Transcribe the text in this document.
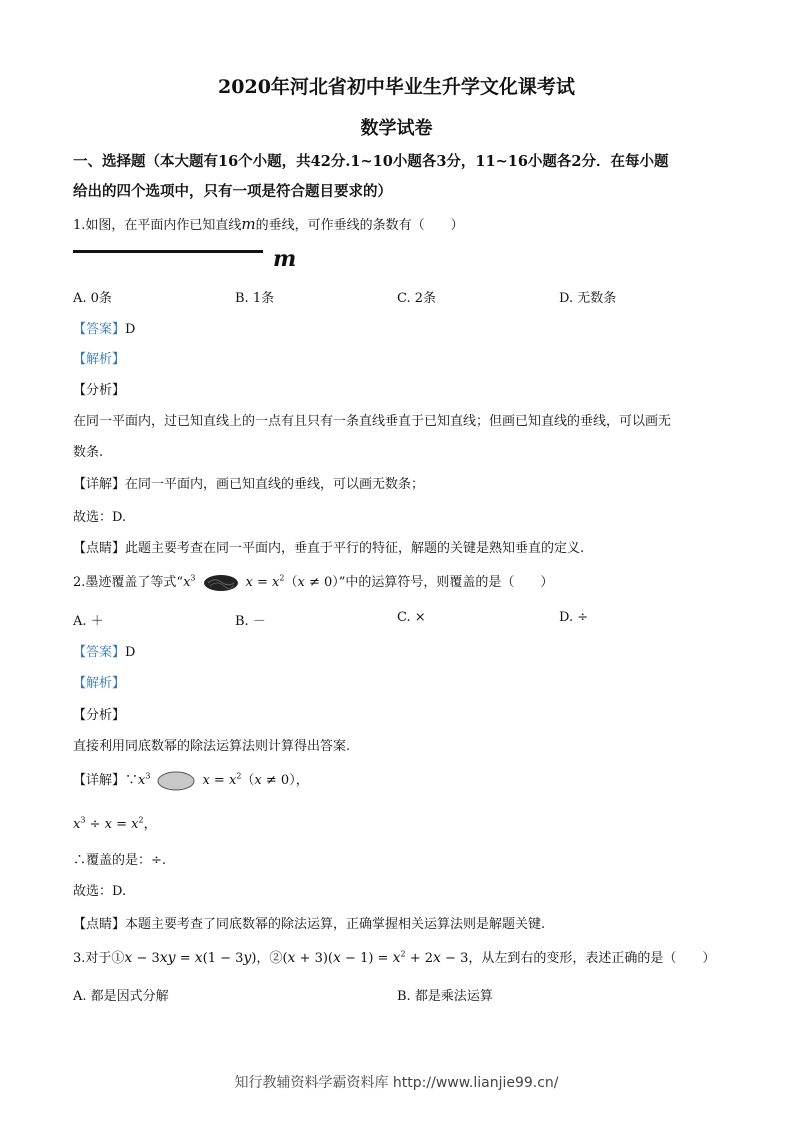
2020年河北省初中毕业生升学文化课考试
数学试卷
一、选择题（本大题有16个小题，共42分.1~10小题各3分，11~16小题各2分．在每小题
给出的四个选项中，只有一项是符合题目要求的）
1.如图，在平面内作已知直线m的垂线，可作垂线的条数有（　　）
m
A. 0条	B. 1条	C. 2条	D. 无数条
【答案】D
【解析】
【分析】
在同一平面内，过已知直线上的一点有且只有一条直线垂直于已知直线；但画已知直线的垂线，可以画无
数条.
【详解】在同一平面内，画已知直线的垂线，可以画无数条；
故选：D.
【点睛】此题主要考查在同一平面内，垂直于平行的特征，解题的关键是熟知垂直的定义.
2.墨迹覆盖了等式“$x^3$	$x = x^2(x \ne 0)$”中的运算符号，则覆盖的是（　　）
A. ＋	B. －	C. ×	D. ÷
【答案】D
【解析】
【分析】
直接利用同底数幂的除法运算法则计算得出答案.
【详解】$\because x^3$	$x = x^2(x \ne 0)$，
$x^3 \div x = x^2$，
∴覆盖的是：÷.
故选：D.
【点睛】本题主要考查了同底数幂的除法运算，正确掌握相关运算法则是解题关键.
3.对于①x − 3xy = x(1 − 3y)，②(x + $3)(x - 1) = x^2 + 2x - 3$，从左到右的变形，表述正确的是（　　）
A. 都是因式分解	B. 都是乘法运算
知行教辅资料学霸资料库 http://www.lianjie99.cn/
